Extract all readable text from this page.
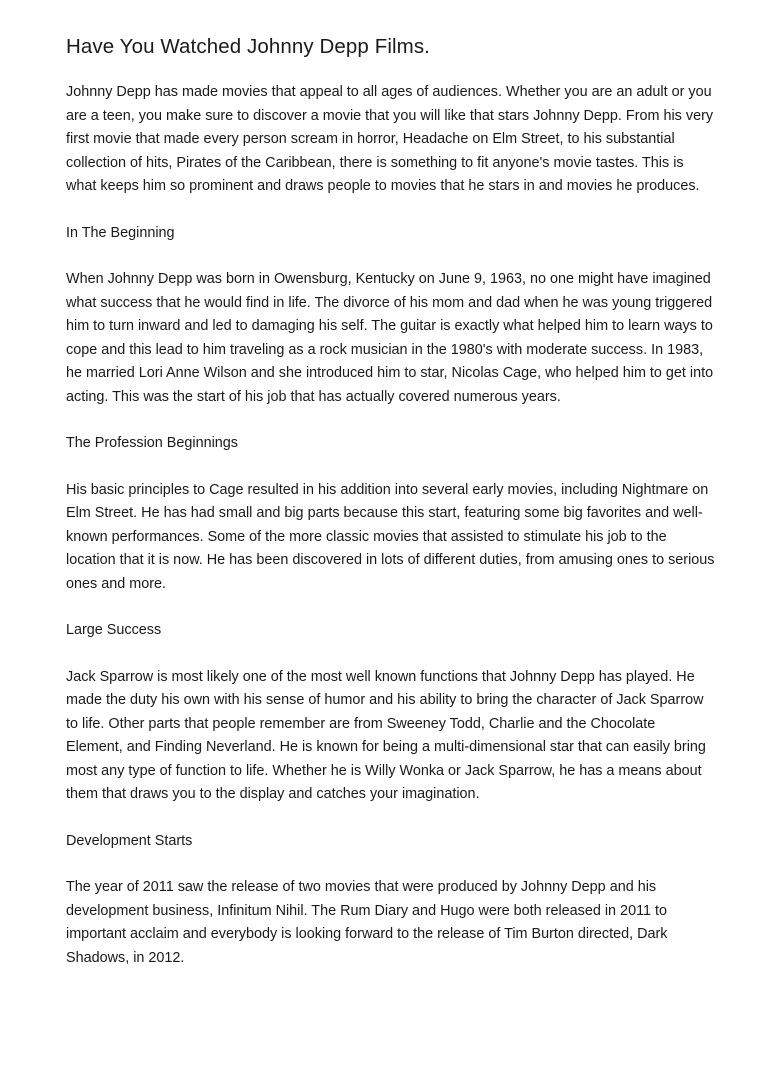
Have You Watched Johnny Depp Films.

Johnny Depp has made movies that appeal to all ages of audiences. Whether you are an adult or you are a teen, you make sure to discover a movie that you will like that stars Johnny Depp. From his very first movie that made every person scream in horror, Headache on Elm Street, to his substantial collection of hits, Pirates of the Caribbean, there is something to fit anyone's movie tastes. This is what keeps him so prominent and draws people to movies that he stars in and movies he produces.

In The Beginning

When Johnny Depp was born in Owensburg, Kentucky on June 9, 1963, no one might have imagined what success that he would find in life. The divorce of his mom and dad when he was young triggered him to turn inward and led to damaging his self. The guitar is exactly what helped him to learn ways to cope and this lead to him traveling as a rock musician in the 1980's with moderate success. In 1983, he married Lori Anne Wilson and she introduced him to star, Nicolas Cage, who helped him to get into acting. This was the start of his job that has actually covered numerous years.

The Profession Beginnings

His basic principles to Cage resulted in his addition into several early movies, including Nightmare on Elm Street. He has had small and big parts because this start, featuring some big favorites and well-known performances. Some of the more classic movies that assisted to stimulate his job to the location that it is now. He has been discovered in lots of different duties, from amusing ones to serious ones and more.

Large Success

Jack Sparrow is most likely one of the most well known functions that Johnny Depp has played. He made the duty his own with his sense of humor and his ability to bring the character of Jack Sparrow to life. Other parts that people remember are from Sweeney Todd, Charlie and the Chocolate Element, and Finding Neverland. He is known for being a multi-dimensional star that can easily bring most any type of function to life. Whether he is Willy Wonka or Jack Sparrow, he has a means about them that draws you to the display and catches your imagination.

Development Starts

The year of 2011 saw the release of two movies that were produced by Johnny Depp and his development business, Infinitum Nihil. The Rum Diary and Hugo were both released in 2011 to important acclaim and everybody is looking forward to the release of Tim Burton directed, Dark Shadows, in 2012.
